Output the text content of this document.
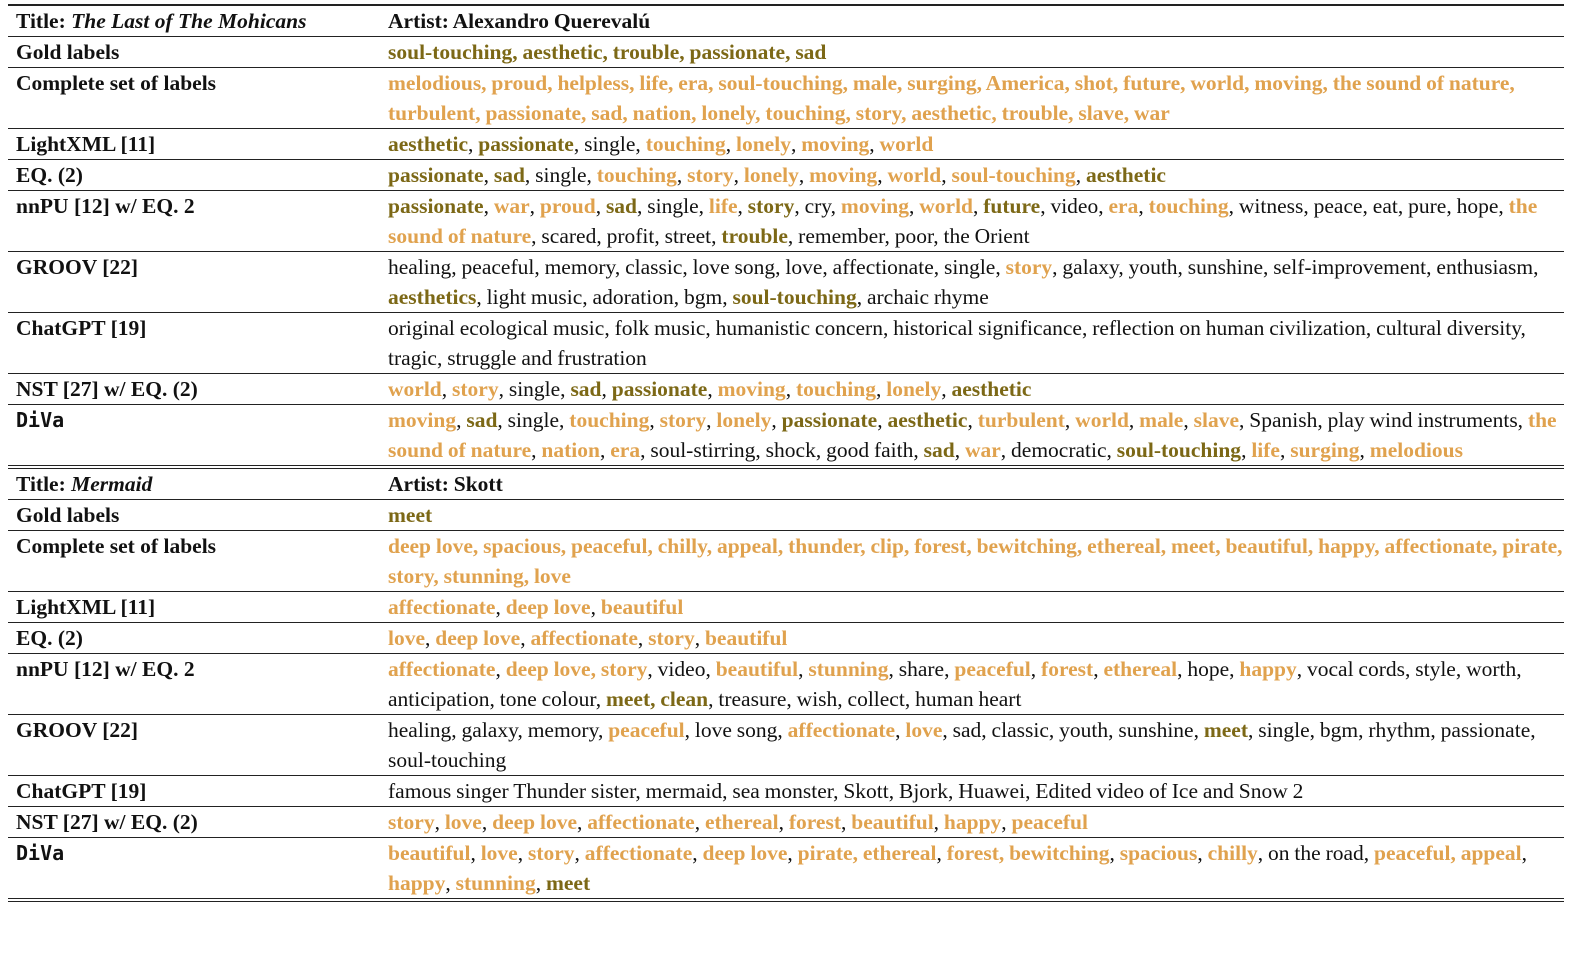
Title: The Last of The Mohicans	Artist: Alexandro Querevalú
Gold labels	soul-touching, aesthetic, trouble, passionate, sad
Complete set of labels	melodious, proud, helpless, life, era, soul-touching, male, surging, America, shot, future, world, moving, the sound of nature, turbulent, passionate, sad, nation, lonely, touching, story, aesthetic, trouble, slave, war
LightXML [11]	aesthetic, passionate, single, touching, lonely, moving, world
EQ. (2)	passionate, sad, single, touching, story, lonely, moving, world, soul-touching, aesthetic
nnPU [12] w/ EQ. 2	passionate, war, proud, sad, single, life, story, cry, moving, world, future, video, era, touching, witness, peace, eat, pure, hope, the sound of nature, scared, profit, street, trouble, remember, poor, the Orient
GROOV [22]	healing, peaceful, memory, classic, love song, love, affectionate, single, story, galaxy, youth, sunshine, self-improvement, enthusiasm, aesthetics, light music, adoration, bgm, soul-touching, archaic rhyme
ChatGPT [19]	original ecological music, folk music, humanistic concern, historical significance, reflection on human civilization, cultural diversity, tragic, struggle and frustration
NST [27] w/ EQ. (2)	world, story, single, sad, passionate, moving, touching, lonely, aesthetic
DiVa	moving, sad, single, touching, story, lonely, passionate, aesthetic, turbulent, world, male, slave, Spanish, play wind instruments, the sound of nature, nation, era, soul-stirring, shock, good faith, sad, war, democratic, soul-touching, life, surging, melodious
Title: Mermaid	Artist: Skott
Gold labels	meet
Complete set of labels	deep love, spacious, peaceful, chilly, appeal, thunder, clip, forest, bewitching, ethereal, meet, beautiful, happy, affectionate, pirate, story, stunning, love
LightXML [11]	affectionate, deep love, beautiful
EQ. (2)	love, deep love, affectionate, story, beautiful
nnPU [12] w/ EQ. 2	affectionate, deep love, story, video, beautiful, stunning, share, peaceful, forest, ethereal, hope, happy, vocal cords, style, worth, anticipation, tone colour, meet, clean, treasure, wish, collect, human heart
GROOV [22]	healing, galaxy, memory, peaceful, love song, affectionate, love, sad, classic, youth, sunshine, meet, single, bgm, rhythm, passionate, soul-touching
ChatGPT [19]	famous singer Thunder sister, mermaid, sea monster, Skott, Bjork, Huawei, Edited video of Ice and Snow 2
NST [27] w/ EQ. (2)	story, love, deep love, affectionate, ethereal, forest, beautiful, happy, peaceful
DiVa	beautiful, love, story, affectionate, deep love, pirate, ethereal, forest, bewitching, spacious, chilly, on the road, peaceful, appeal, happy, stunning, meet
